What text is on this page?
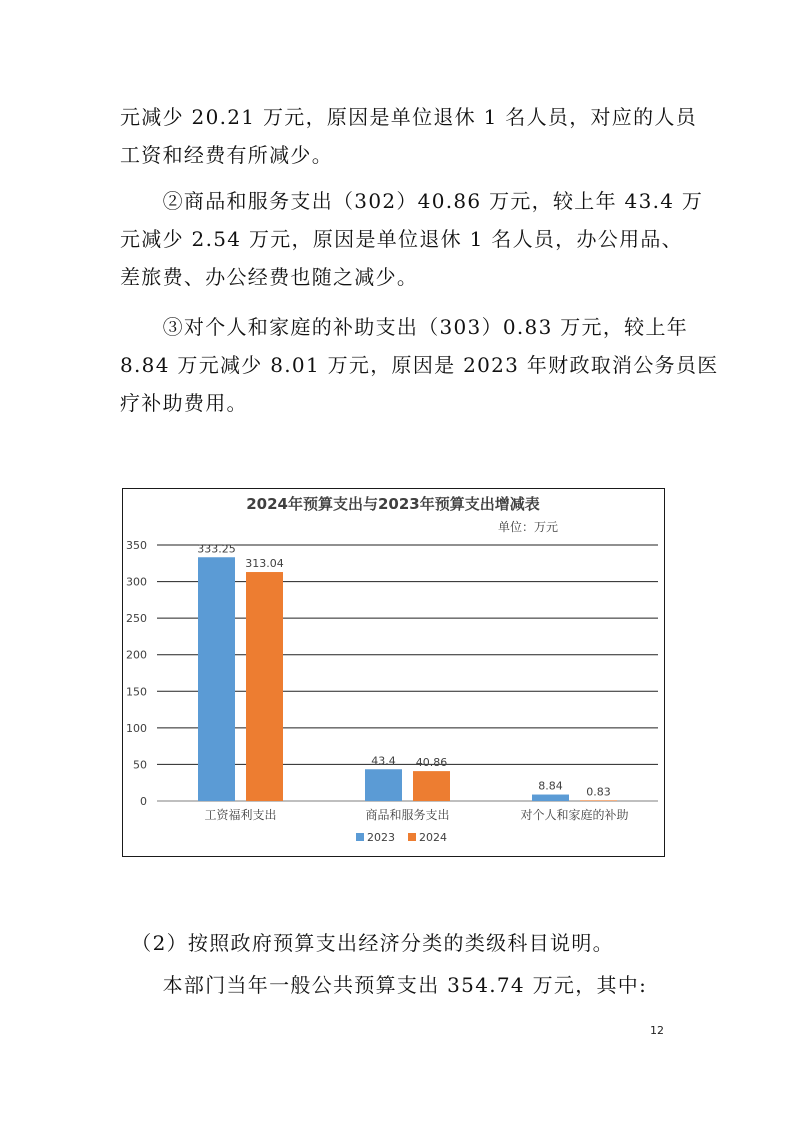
元减少 20.21 万元，原因是单位退休 1 名人员，对应的人员
工资和经费有所减少。
　　②商品和服务支出（302）40.86 万元，较上年 43.4 万
元减少 2.54 万元，原因是单位退休 1 名人员，办公用品、
差旅费、办公经费也随之减少。
　　③对个人和家庭的补助支出（303）0.83 万元，较上年
8.84 万元减少 8.01 万元，原因是 2023 年财政取消公务员医
疗补助费用。
2024年预算支出与2023年预算支出增减表
单位：万元
0
50
100
150
200
250
300
350	333.25
313.04
工资福利支出
43.4 40.86
商品和服务支出
8.84 0.83
对个人和家庭的补助
2023 2024
　（2）按照政府预算支出经济分类的类级科目说明。
　　本部门当年一般公共预算支出 354.74 万元，其中:
12
